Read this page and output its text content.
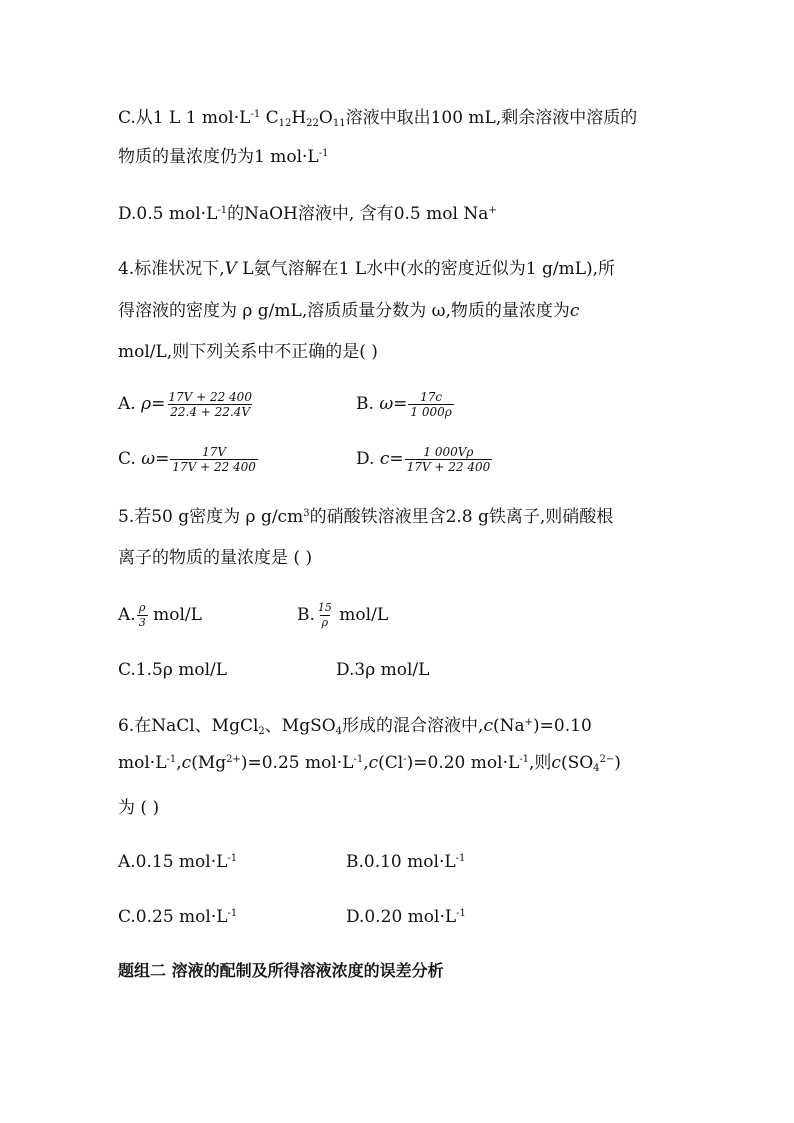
C.从1 L 1 $mol\cdot L^{-1}$ $C_{12}H_{22}O_{11}$溶液中取出100 mL,剩余溶液中溶质的
物质的量浓度仍为1 $mol\cdot L^{-1}$
D.0.5 $mol\cdot L^{-1}$的NaOH溶液中, 含有0.5 mol Na+
4.标准状况下,V L氨气溶解在1 L水中(水的密度近似为1 g/mL),所
得溶液的密度为 ρ g/mL,溶质质量分数为 ω,物质的量浓度为c
mol/L,则下列关系中不正确的是( )
A. $\rho= \frac{17V + 22 400}{22.4 + 22.4V}$	B. $\omega= \frac{17c}{1 000\rho}$
C. $\omega= \frac{17V}{17V + 22 400}$	D. $c= \frac{1 000V\rho}{17V + 22 400}$
5.若50 g密度为 ρ $g/cm^3$的硝酸铁溶液里含2.8 g铁离子,则硝酸根
离子的物质的量浓度是 ( )
A. $\frac{\rho}{3} mol/L$	B. $\frac{15}{\rho} mol/L$
C.1.5ρ mol/L	D.3ρ mol/L
6.在NaCl、MgCl$_2$、MgSO$_4$形成的混合溶液中,c(Na+)=0.10
$mol\cdot L^{-1},c(Mg^{2+})=0.25$ $mol\cdot L^{-1},c(Cl^-)=0.20$ $mol\cdot L^{-1}$,则$c(SO_4^{2-})$
为 ( )
A.0.15 $mol\cdot L^{-1}$	B.0.10 $mol\cdot L^{-1}$
C.0.25 $mol\cdot L^{-1}$	D.0.20 $mol\cdot L^{-1}$
题组二 溶液的配制及所得溶液浓度的误差分析
